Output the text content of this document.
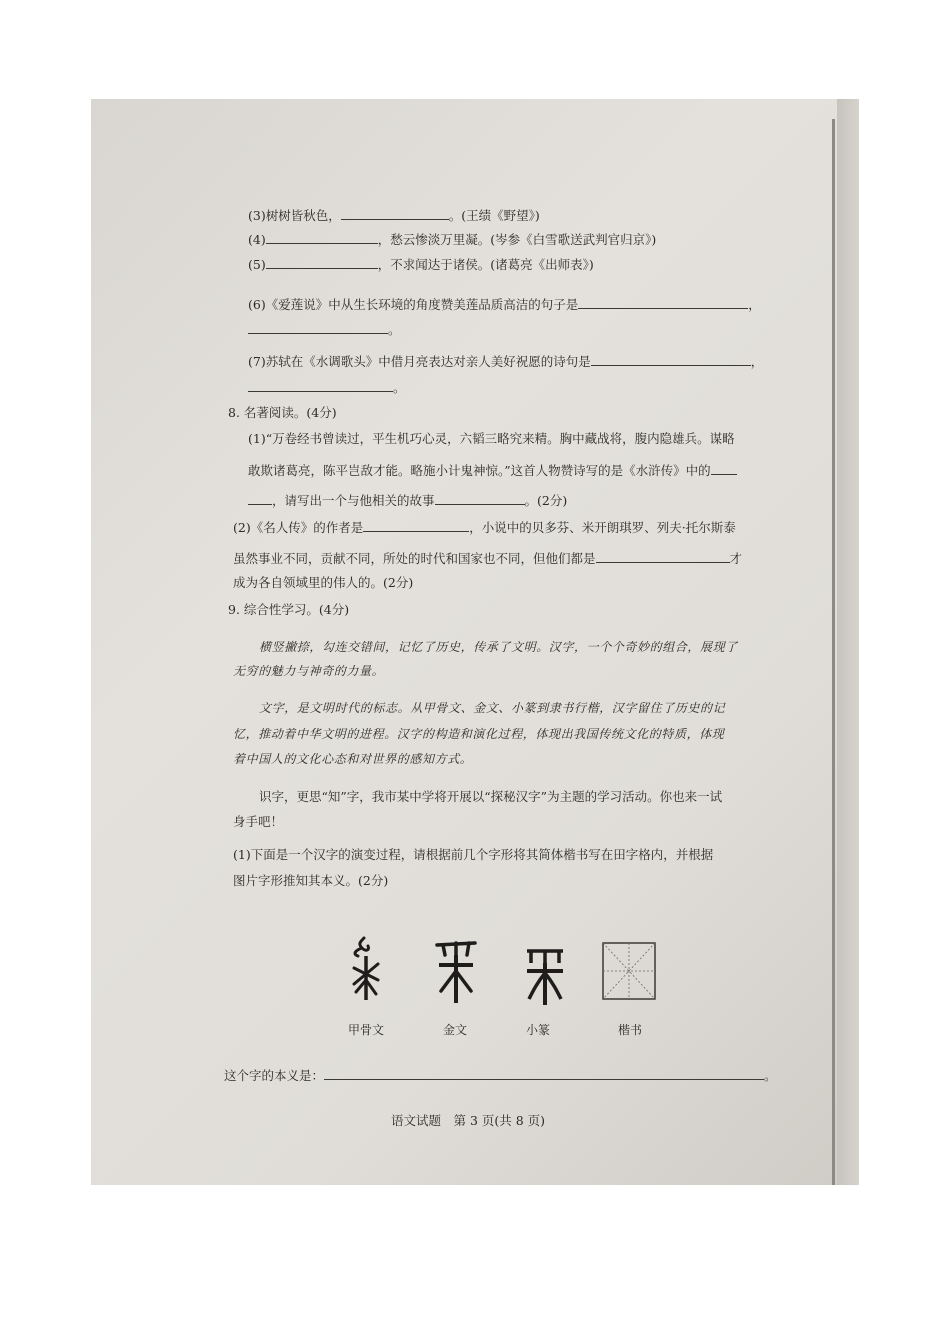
(3)树树皆秋色，	。(王绩《野望》)
(4)	，愁云惨淡万里凝。(岑参《白雪歌送武判官归京》)
(5)	，不求闻达于诸侯。(诸葛亮《出师表》)
(6)《爱莲说》中从生长环境的角度赞美莲品质高洁的句子是	，
。
(7)苏轼在《水调歌头》中借月亮表达对亲人美好祝愿的诗句是	，
。
8. 名著阅读。(4分)
(1)“万卷经书曾读过，平生机巧心灵，六韬三略究来精。胸中藏战将，腹内隐雄兵。谋略
敢欺诸葛亮，陈平岂敌才能。略施小计鬼神惊。”这首人物赞诗写的是《水浒传》中的
，请写出一个与他相关的故事	。(2分)
(2)《名人传》的作者是	，小说中的贝多芬、米开朗琪罗、列夫·托尔斯泰
虽然事业不同，贡献不同，所处的时代和国家也不同，但他们都是	才
成为各自领域里的伟人的。(2分)
9. 综合性学习。(4分)
横竖撇捺，勾连交错间，记忆了历史，传承了文明。汉字，一个个奇妙的组合，展现了
无穷的魅力与神奇的力量。
文字，是文明时代的标志。从甲骨文、金文、小篆到隶书行楷，汉字留住了历史的记
忆，推动着中华文明的进程。汉字的构造和演化过程，体现出我国传统文化的特质，体现
着中国人的文化心态和对世界的感知方式。
识字，更思“知”字，我市某中学将开展以“探秘汉字”为主题的学习活动。你也来一试
身手吧！
(1)下面是一个汉字的演变过程，请根据前几个字形将其简体楷书写在田字格内，并根据
图片字形推知其本义。(2分)
甲骨文	金文	小篆	楷书
这个字的本义是：	。
语文试题　第 3 页(共 8 页)
